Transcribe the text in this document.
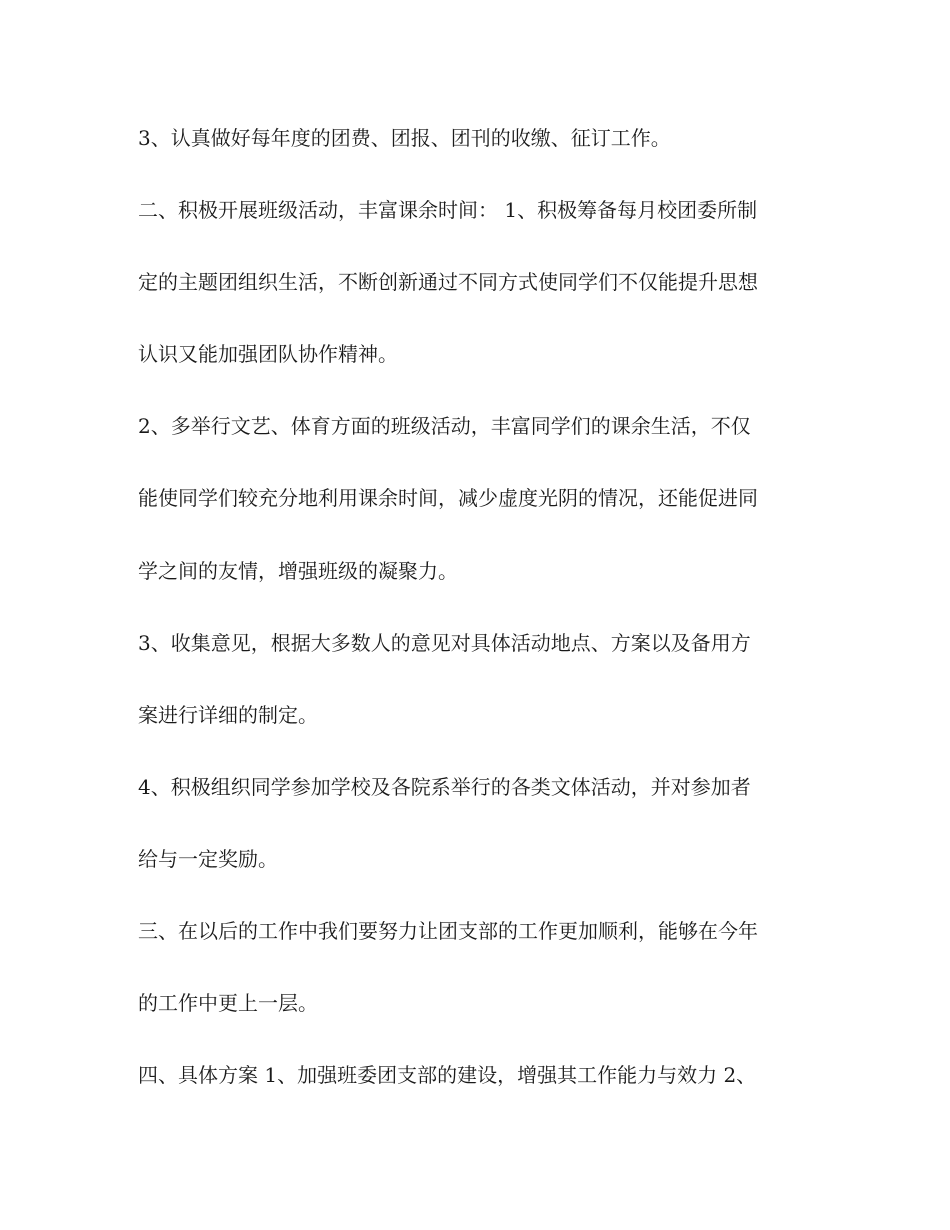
3、认真做好每年度的团费、团报、团刊的收缴、征订工作。
二、积极开展班级活动，丰富课余时间： 1、积极筹备每月校团委所制
定的主题团组织生活，不断创新通过不同方式使同学们不仅能提升思想
认识又能加强团队协作精神。
2、多举行文艺、体育方面的班级活动，丰富同学们的课余生活，不仅
能使同学们较充分地利用课余时间，减少虚度光阴的情况，还能促进同
学之间的友情，增强班级的凝聚力。
3、收集意见，根据大多数人的意见对具体活动地点、方案以及备用方
案进行详细的制定。
4、积极组织同学参加学校及各院系举行的各类文体活动，并对参加者
给与一定奖励。
三、在以后的工作中我们要努力让团支部的工作更加顺利，能够在今年
的工作中更上一层。
四、具体方案 1、加强班委团支部的建设，增强其工作能力与效力 2、
